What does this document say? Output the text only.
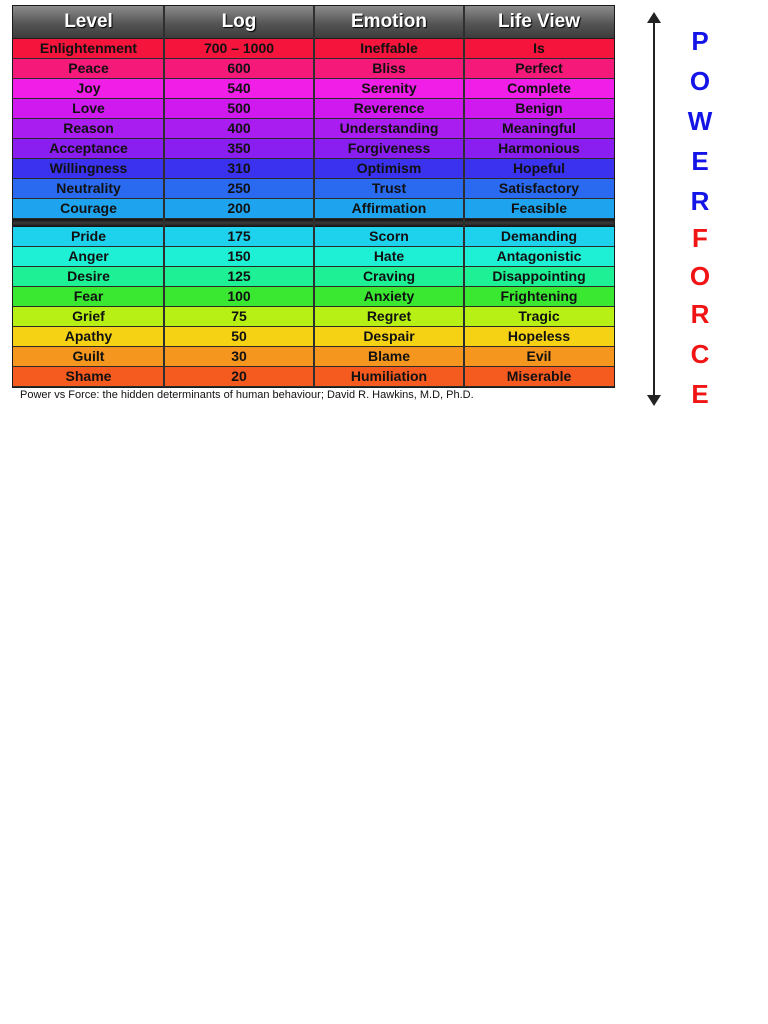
Level	Log	Emotion	Life View
Enlightenment	700 – 1000	Ineffable	Is
Peace	600	Bliss	Perfect
Joy	540	Serenity	Complete
Love	500	Reverence	Benign
Reason	400	Understanding	Meaningful
Acceptance	350	Forgiveness	Harmonious
Willingness	310	Optimism	Hopeful
Neutrality	250	Trust	Satisfactory
Courage	200	Affirmation	Feasible
Pride	175	Scorn	Demanding
Anger	150	Hate	Antagonistic
Desire	125	Craving	Disappointing
Fear	100	Anxiety	Frightening
Grief	75	Regret	Tragic
Apathy	50	Despair	Hopeless
Guilt	30	Blame	Evil
Shame	20	Humiliation	Miserable
Power vs Force: the hidden determinants of human behaviour; David R. Hawkins, M.D, Ph.D.
P
O
W
E
R
F
O
R
C
E
